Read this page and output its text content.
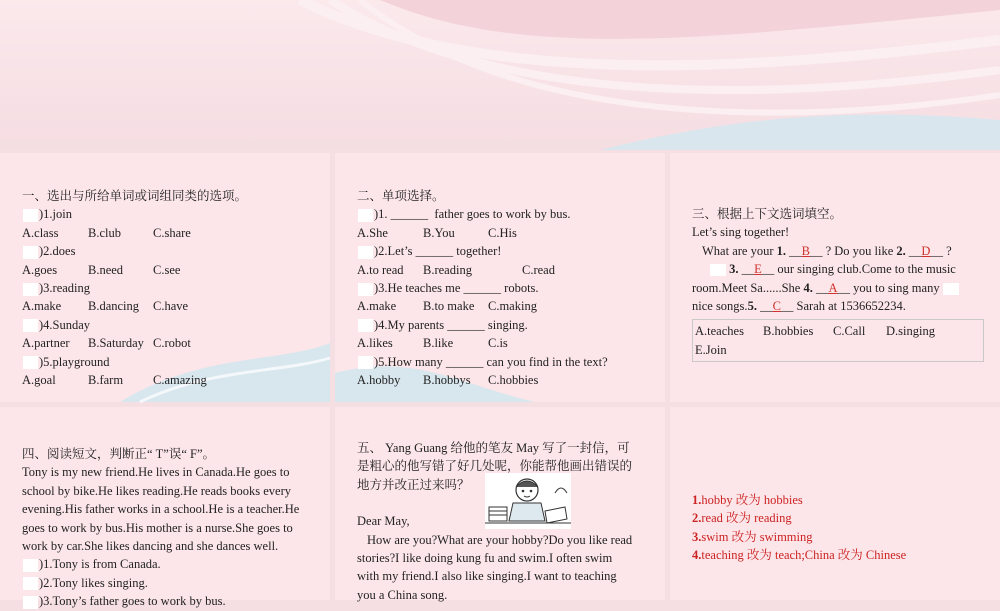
一、选出与所给单词或词组同类的选项。
)1.join
A.class B.club	C.share
)2.does
A.goes B.need C.see
)3.reading
A.make B.dancing C.have
)4.Sunday
A.partner B.Saturday C.robot
)5.playground
A.goal	B.farm C.amazing
二、单项选择。
)1. ______ father goes to work by bus.
A.She	B.You	C.His
)2.Let’s ______ together!
A.to read B.reading	C.read
)3.He teaches me ______ robots.
A.make B.to make C.making
)4.My parents ______ singing.
A.likes B.like	C.is
)5.How many ______ can you find in the text?
A.hobby B.hobbys C.hobbies
三、根据上下文选词填空。
Let’s sing together!
What are your 1. __B__ ? Do you like 2. __D__ ?
3. __E__ our singing club.Come to the music
room.Meet Sa......She 4. __A__ you to sing many
nice songs.5. __C__ Sarah at 1536652234.
A.teaches B.hobbies C.Call D.singing
E.Join
四、阅读短文，判断正“ T”误“ F”。
Tony is my new friend.He lives in Canada.He goes to
school by bike.He likes reading.He reads books every
evening.His father works in a school.He is a teacher.He
goes to work by bus.His mother is a nurse.She goes to
work by car.She likes dancing and she dances well.
)1.Tony is from Canada.
)2.Tony likes singing.
)3.Tony’s father goes to work by bus.
五、 Yang Guang 给他的笔友 May 写了一封信，可
是粗心的他写错了好几处呢，你能帮他画出错误的
地方并改正过来吗？
Dear May,
How are you?What are your hobby?Do you like read
stories?I like doing kung fu and swim.I often swim
with my friend.I also like singing.I want to teaching
you a China song.
1.hobby 改为 hobbies
2.read 改为 reading
3.swim 改为 swimming
4.teaching 改为 teach;China 改为 Chinese
